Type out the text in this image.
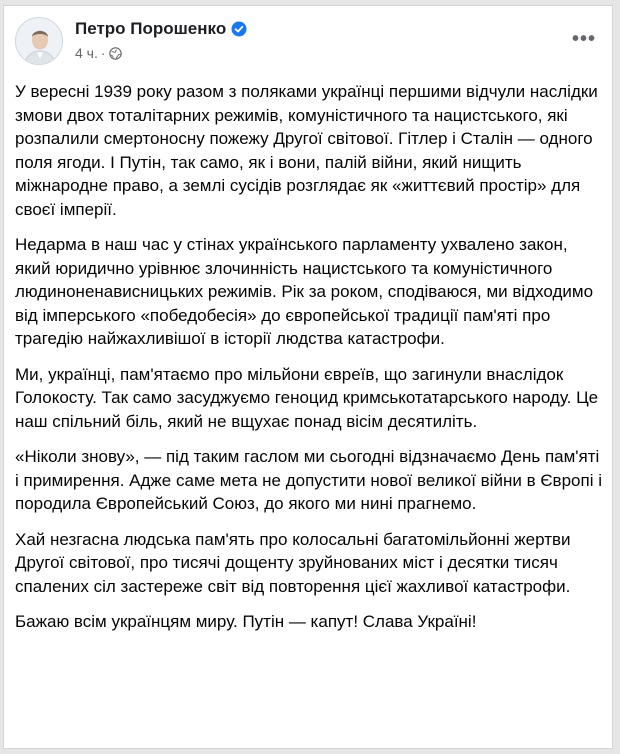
Петро Порошенко
4 ч. ·
•••

У вересні 1939 року разом з поляками українці першими відчули наслідки змови двох тоталітарних режимів, комуністичного та нацистського, які розпалили смертоносну пожежу Другої світової. Гітлер і Сталін — одного поля ягоди. І Путін, так само, як і вони, палій війни, який нищить міжнародне право, а землі сусідів розглядає як «життєвий простір» для своєї імперії.

Недарма в наш час у стінах українського парламенту ухвалено закон, який юридично урівнює злочинність нацистського та комуністичного людиноненависницьких режимів. Рік за роком, сподіваюся, ми відходимо від імперського «победобесія» до європейської традиції пам'яті про трагедію найжахливішої в історії людства катастрофи.

Ми, українці, пам'ятаємо про мільйони євреїв, що загинули внаслідок Голокосту. Так само засуджуємо геноцид кримськотатарського народу. Це наш спільний біль, який не вщухає понад вісім десятиліть.

«Ніколи знову», — під таким гаслом ми сьогодні відзначаємо День пам'яті і примирення. Адже саме мета не допустити нової великої війни в Європі і породила Європейський Союз, до якого ми нині прагнемо.

Хай незгасна людська пам'ять про колосальні багатомільйонні жертви Другої світової, про тисячі дощенту зруйнованих міст і десятки тисяч спалених сіл застереже світ від повторення цієї жахливої катастрофи.

Бажаю всім українцям миру. Путін — капут! Слава Україні!
